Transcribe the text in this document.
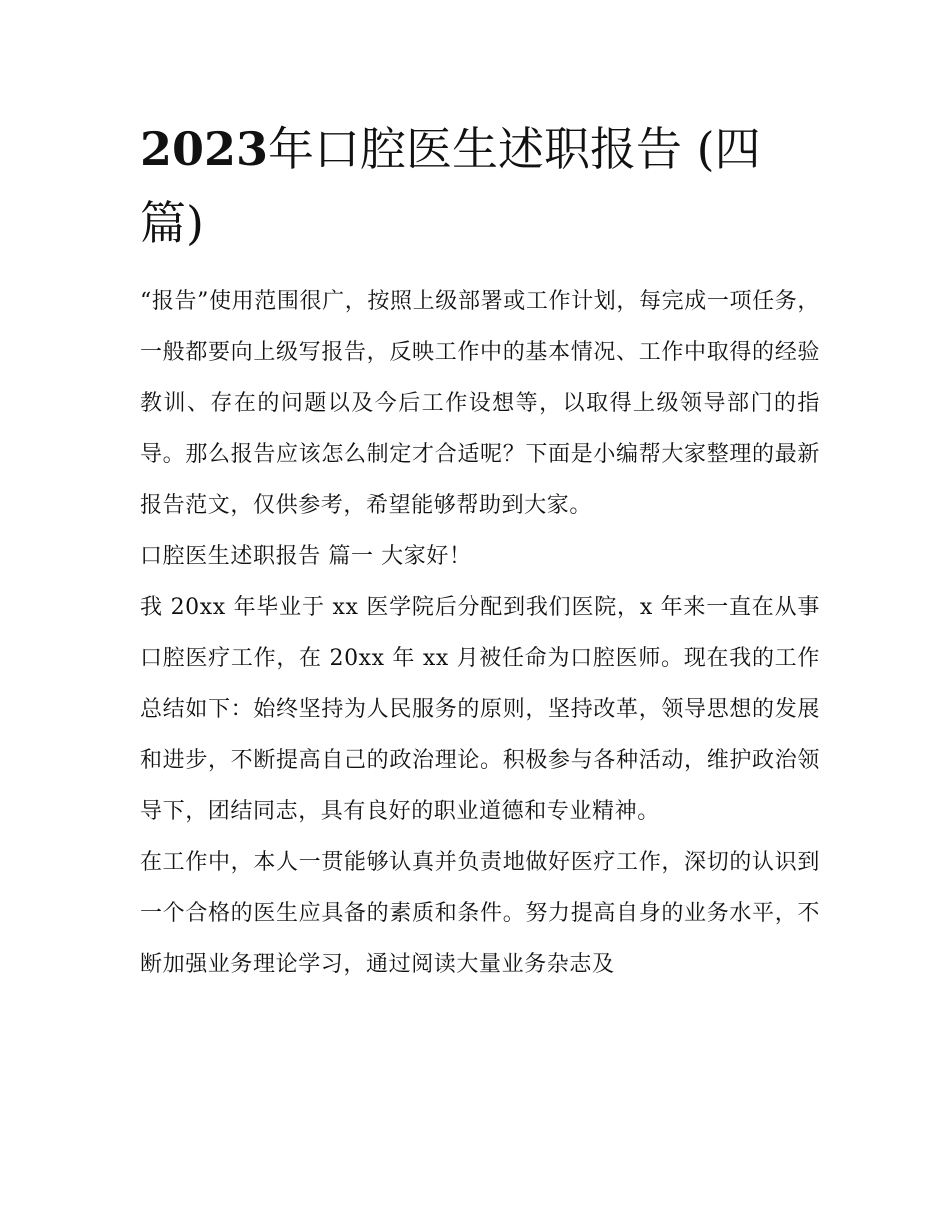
2023年口腔医生述职报告 (四篇)

“报告”使用范围很广，按照上级部署或工作计划，每完成一项任务，一般都要向上级写报告，反映工作中的基本情况、工作中取得的经验教训、存在的问题以及今后工作设想等，以取得上级领导部门的指导。那么报告应该怎么制定才合适呢？下面是小编帮大家整理的最新报告范文，仅供参考，希望能够帮助到大家。

口腔医生述职报告 篇一 大家好！

我 20xx 年毕业于 xx 医学院后分配到我们医院，x 年来一直在从事口腔医疗工作，在 20xx 年 xx 月被任命为口腔医师。现在我的工作总结如下：始终坚持为人民服务的原则，坚持改革，领导思想的发展和进步，不断提高自己的政治理论。积极参与各种活动，维护政治领导下，团结同志，具有良好的职业道德和专业精神。

在工作中，本人一贯能够认真并负责地做好医疗工作，深切的认识到一个合格的医生应具备的素质和条件。努力提高自身的业务水平，不断加强业务理论学习，通过阅读大量业务杂志及
